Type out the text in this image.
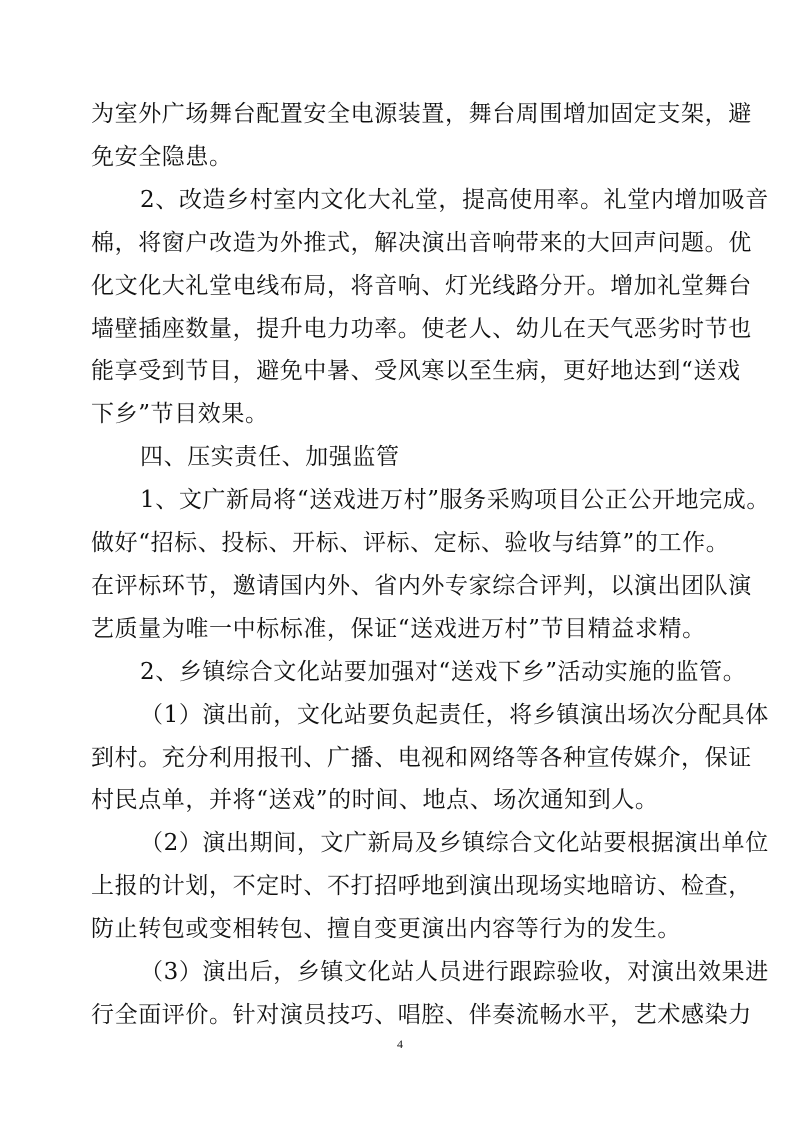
为室外广场舞台配置安全电源装置，舞台周围增加固定支架，避

免安全隐患。

2、改造乡村室内文化大礼堂，提高使用率。礼堂内增加吸音

棉，将窗户改造为外推式，解决演出音响带来的大回声问题。优

化文化大礼堂电线布局，将音响、灯光线路分开。增加礼堂舞台

墙壁插座数量，提升电力功率。使老人、幼儿在天气恶劣时节也

能享受到节目，避免中暑、受风寒以至生病，更好地达到“送戏

下乡”节目效果。

四、压实责任、加强监管

1、文广新局将“送戏进万村”服务采购项目公正公开地完成。

做好“招标、投标、开标、评标、定标、验收与结算”的工作。

在评标环节，邀请国内外、省内外专家综合评判，以演出团队演

艺质量为唯一中标标准，保证“送戏进万村”节目精益求精。

2、乡镇综合文化站要加强对“送戏下乡”活动实施的监管。

（1）演出前，文化站要负起责任，将乡镇演出场次分配具体

到村。充分利用报刊、广播、电视和网络等各种宣传媒介，保证

村民点单，并将“送戏”的时间、地点、场次通知到人。

（2）演出期间，文广新局及乡镇综合文化站要根据演出单位

上报的计划，不定时、不打招呼地到演出现场实地暗访、检查，

防止转包或变相转包、擅自变更演出内容等行为的发生。

（3）演出后，乡镇文化站人员进行跟踪验收，对演出效果进

行全面评价。针对演员技巧、唱腔、伴奏流畅水平，艺术感染力

4
